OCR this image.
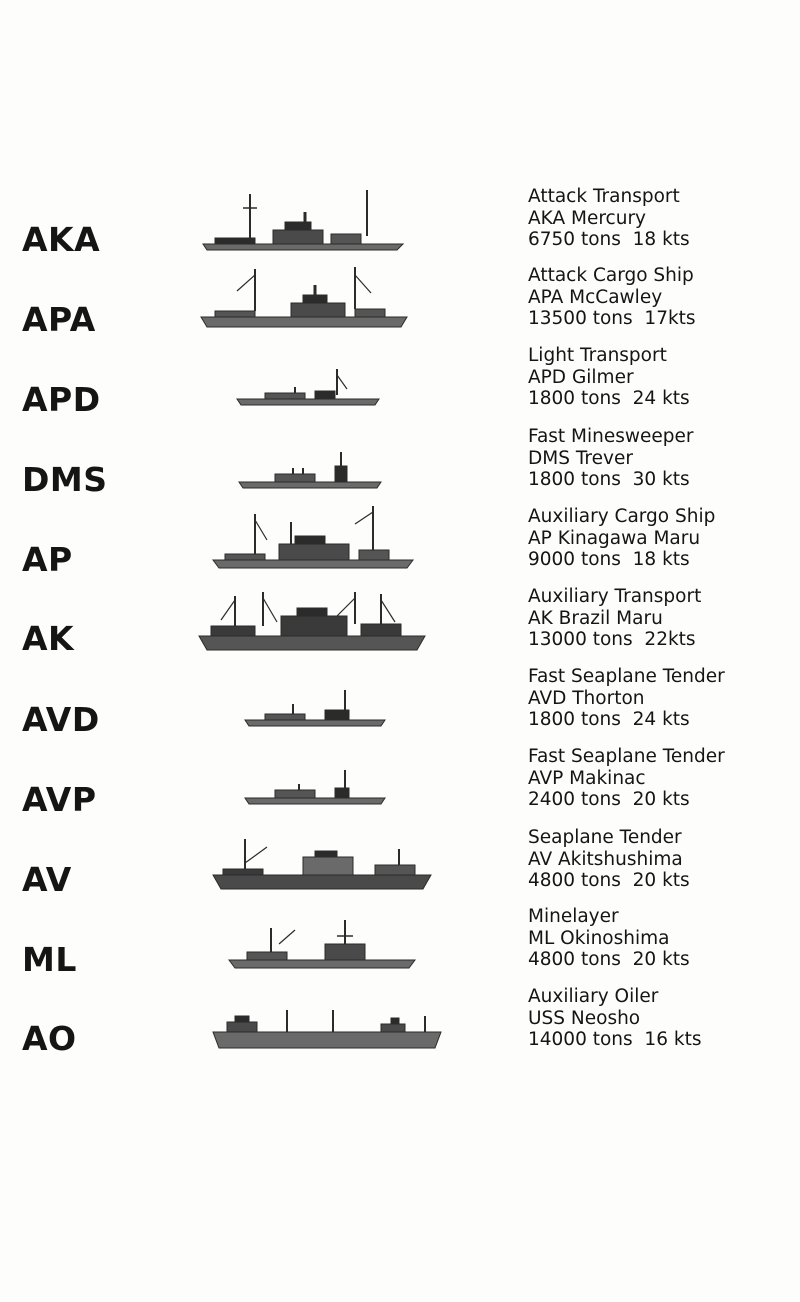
AKA
Attack Transport
AKA Mercury
6750 tons  18 kts
APA
Attack Cargo Ship
APA McCawley
13500 tons  17kts
APD
Light Transport
APD Gilmer
1800 tons  24 kts
DMS
Fast Minesweeper
DMS Trever
1800 tons  30 kts
AP
Auxiliary Cargo Ship
AP Kinagawa Maru
9000 tons  18 kts
AK
Auxiliary Transport
AK Brazil Maru
13000 tons  22kts
AVD
Fast Seaplane Tender
AVD Thorton
1800 tons  24 kts
AVP
Fast Seaplane Tender
AVP Makinac
2400 tons  20 kts
AV
Seaplane Tender
AV Akitshushima
4800 tons  20 kts
ML
Minelayer
ML Okinoshima
4800 tons  20 kts
AO
Auxiliary Oiler
USS Neosho
14000 tons  16 kts
